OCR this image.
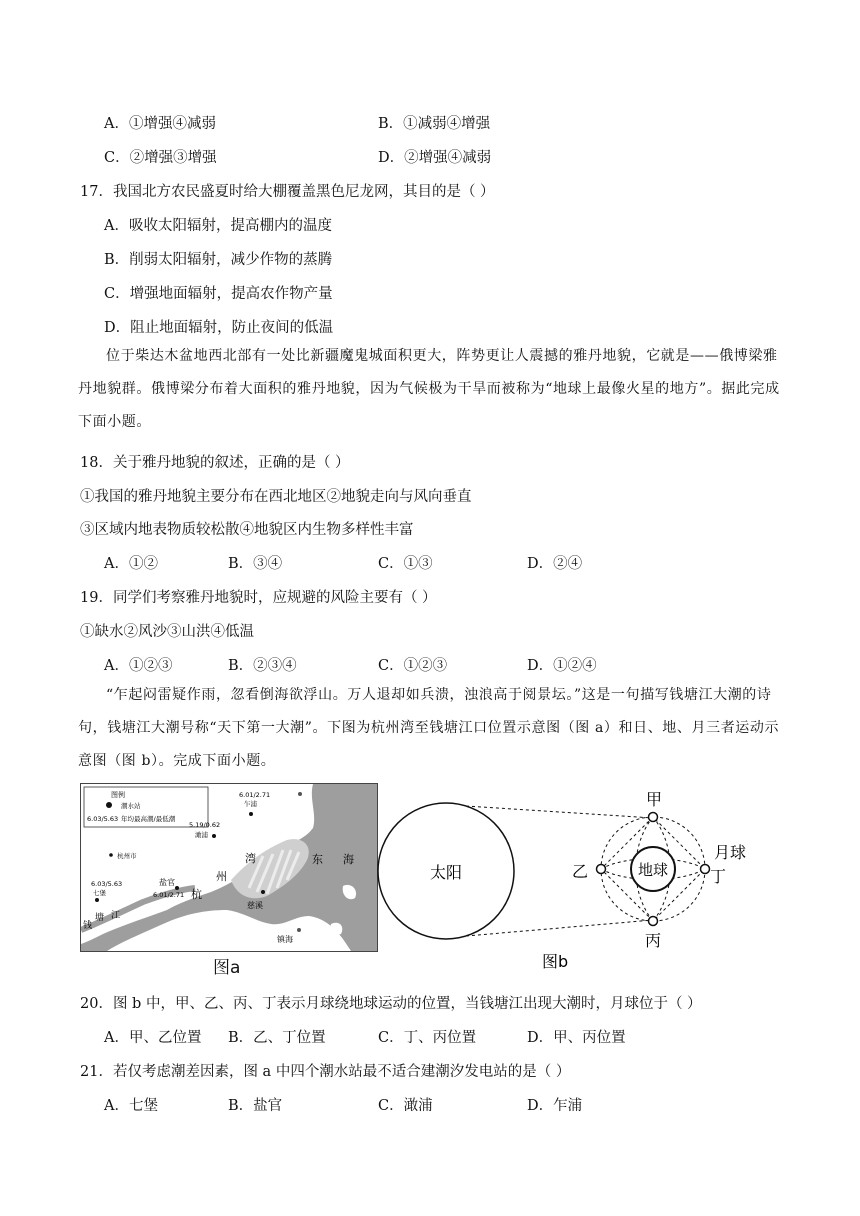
A．①增强④减弱	B．①减弱④增强
C．②增强③增强	D．②增强④减弱
17．我国北方农民盛夏时给大棚覆盖黑色尼龙网，其目的是（ ）
A．吸收太阳辐射，提高棚内的温度
B．削弱太阳辐射，减少作物的蒸腾
C．增强地面辐射，提高农作物产量
D．阻止地面辐射，防止夜间的低温
位于柴达木盆地西北部有一处比新疆魔鬼城面积更大，阵势更让人震撼的雅丹地貌，它就是——俄博梁雅丹地貌群。俄博梁分布着大面积的雅丹地貌，因为气候极为干旱而被称为“地球上最像火星的地方”。据此完成下面小题。
18．关于雅丹地貌的叙述，正确的是（ ）
①我国的雅丹地貌主要分布在西北地区②地貌走向与风向垂直
③区域内地表物质较松散④地貌区内生物多样性丰富
A．①②	B．③④	C．①③	D．②④
19．同学们考察雅丹地貌时，应规避的风险主要有（ ）
①缺水②风沙③山洪④低温
A．①②③	B．②③④	C．①②③	D．①②④
“乍起闷雷疑作雨，忽看倒海欲浮山。万人退却如兵溃，浊浪高于阅景坛。”这是一句描写钱塘江大潮的诗句，钱塘江大潮号称“天下第一大潮”。下图为杭州湾至钱塘江口位置示意图（图 a）和日、地、月三者运动示意图（图 b）。完成下面小题。
图例
潮水站
6.03/5.63 年均最高潮/最低潮
6.01/2.71
乍浦
5.19/0.62
澉浦
杭州市
6.03/5.63
七堡
盐官
6.01/2.71
湾
州
杭
东 海
慈溪
镇海
钱
塘 江
图a
太阳	地球
甲
乙
丙
丁
月球
图b
20．图 b 中，甲、乙、丙、丁表示月球绕地球运动的位置，当钱塘江出现大潮时，月球位于（ ）
A．甲、乙位置 B．乙、丁位置	C．丁、丙位置	D．甲、丙位置
21．若仅考虑潮差因素，图 a 中四个潮水站最不适合建潮汐发电站的是（ ）
A．七堡	B．盐官	C．澉浦	D．乍浦
